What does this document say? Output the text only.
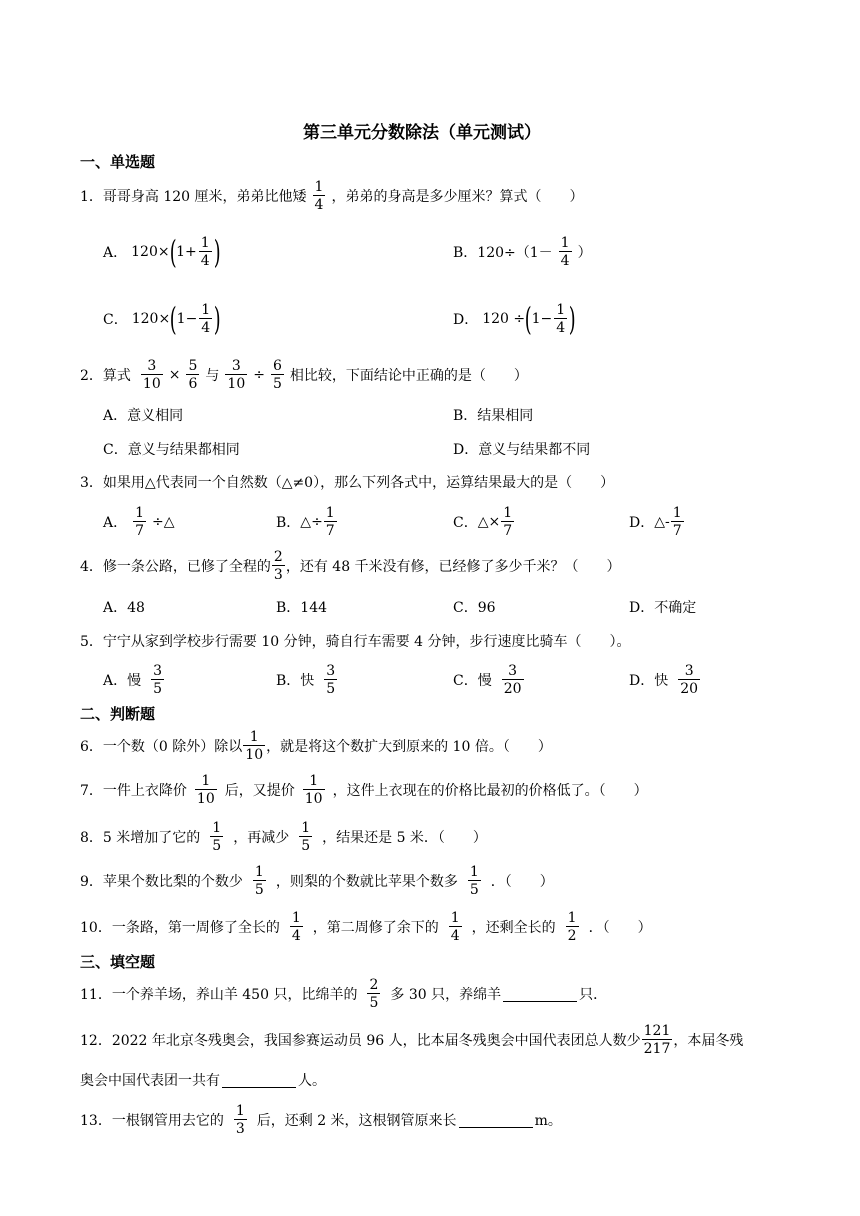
第三单元分数除法（单元测试）
一、单选题
1． 哥哥身高 120 厘米，弟弟比他矮 $\frac{1}{4}$ ，弟弟的身高是多少厘米？算式（　　）
A． 120× ( $1+ \frac{1}{4}$ )	B． $120\div(1- \frac{1}{4}$ ）
C． 120× ( $1- \frac{1}{4}$ )	D． 120 ÷ ( $1- \frac{1}{4}$ )
2． 算式 $\frac{3}{10} \times \frac{5}{6}$ 与 $\frac{3}{10} \div \frac{6}{5}$ 相比较，下面结论中正确的是（　　）
A．意义相同	B．结果相同
C．意义与结果都相同	D．意义与结果都不同
3． 如果用△代表同一个自然数（△≠0），那么下列各式中，运算结果最大的是（　　）
A． $\frac{1}{7}$ ÷△	B． △÷ $\frac{1}{7}$	C． △× $\frac{1}{7}$	D． △- $\frac{1}{7}$
4． 修一条公路，已修了全程的 $\frac{2}{3}$ ，还有 48 千米没有修，已经修了多少千米？（　　）
A．48	B．144	C．96	D．不确定
5． 宁宁从家到学校步行需要 10 分钟，骑自行车需要 4 分钟，步行速度比骑车（　　）。
A．慢 $\frac{3}{5}$	B．快 $\frac{3}{5}$	C．慢 $\frac{3}{20}$	D．快 $\frac{3}{20}$
二、判断题
6． 一个数（0 除外）除以 $\frac{1}{10}$ ，就是将这个数扩大到原来的 10 倍。（　　）
7． 一件上衣降价 $\frac{1}{10}$ 后，又提价 $\frac{1}{10}$ ，这件上衣现在的价格比最初的价格低了。（　　）
8． 5 米增加了它的 $\frac{1}{5}$ ，再减少 $\frac{1}{5}$ ，结果还是 5 米．（　　）
9． 苹果个数比梨的个数少 $\frac{1}{5}$ ，则梨的个数就比苹果个数多 $\frac{1}{5}$ ．（　　）
10． 一条路，第一周修了全长的 $\frac{1}{4}$ ，第二周修了余下的 $\frac{1}{4}$ ，还剩全长的 $\frac{1}{2}$ ．（　　）
三、填空题
11． 一个养羊场，养山羊 450 只，比绵羊的 $\frac{2}{5}$ 多 30 只，养绵羊	只．
12． 2022 年北京冬残奥会，我国参赛运动员 96 人，比本届冬残奥会中国代表团总人数少 $\frac{121}{217}$ ，本届冬残
奥会中国代表团一共有	人。
13． 一根钢管用去它的 $\frac{1}{3}$ 后，还剩 2 米，这根钢管原来长	m。
